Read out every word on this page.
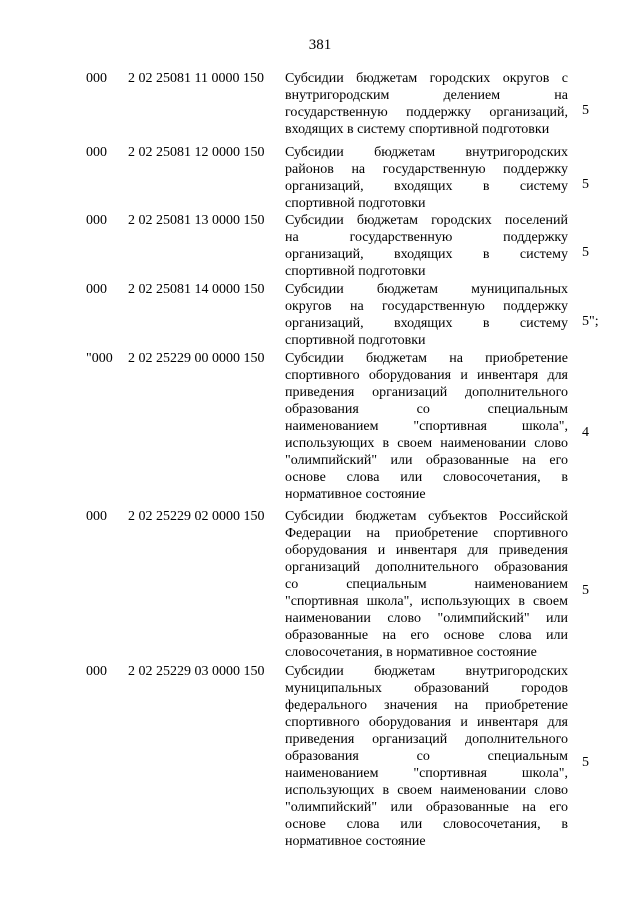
381
000 2 02 25081 11 0000 150 Субсидии бюджетам городских округов с
внутригородским делением на
государственную поддержку организаций,
входящих в систему спортивной подготовки
5
000 2 02 25081 12 0000 150 Субсидии бюджетам внутригородских
районов на государственную поддержку
организаций, входящих в систему
спортивной подготовки
5
000 2 02 25081 13 0000 150 Субсидии бюджетам городских поселений
на государственную поддержку
организаций, входящих в систему
спортивной подготовки
5
000 2 02 25081 14 0000 150 Субсидии бюджетам муниципальных
округов на государственную поддержку
организаций, входящих в систему
спортивной подготовки
5";
"000 2 02 25229 00 0000 150 Субсидии бюджетам на приобретение
спортивного оборудования и инвентаря для
приведения организаций дополнительного
образования со специальным
наименованием "спортивная школа",
использующих в своем наименовании слово
"олимпийский" или образованные на его
основе слова или словосочетания, в
нормативное состояние
4
000 2 02 25229 02 0000 150 Субсидии бюджетам субъектов Российской
Федерации на приобретение спортивного
оборудования и инвентаря для приведения
организаций дополнительного образования
со специальным наименованием
"спортивная школа", использующих в своем
наименовании слово "олимпийский" или
образованные на его основе слова или
словосочетания, в нормативное состояние
5
000 2 02 25229 03 0000 150 Субсидии бюджетам внутригородских
муниципальных образований городов
федерального значения на приобретение
спортивного оборудования и инвентаря для
приведения организаций дополнительного
образования со специальным
наименованием "спортивная школа",
использующих в своем наименовании слово
"олимпийский" или образованные на его
основе слова или словосочетания, в
нормативное состояние
5
